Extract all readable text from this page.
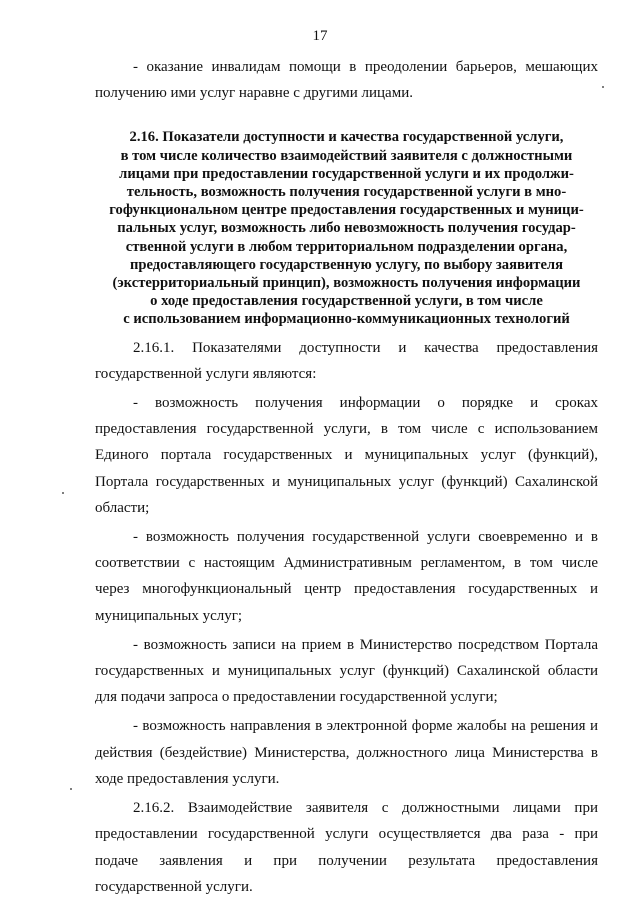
17

- оказание инвалидам помощи в преодолении барьеров, мешающих получению ими услуг наравне с другими лицами.

2.16. Показатели доступности и качества государственной услуги,
в том числе количество взаимодействий заявителя с должностными
лицами при предоставлении государственной услуги и их продолжи-
тельность, возможность получения государственной услуги в мно-
гофункциональном центре предоставления государственных и муници-
пальных услуг, возможность либо невозможность получения государ-
ственной услуги в любом территориальном подразделении органа,
предоставляющего государственную услугу, по выбору заявителя
(экстерриториальный принцип), возможность получения информации
о ходе предоставления государственной услуги, в том числе
с использованием информационно-коммуникационных технологий

2.16.1. Показателями доступности и качества предоставления государственной услуги являются:

- возможность получения информации о порядке и сроках предоставления государственной услуги, в том числе с использованием Единого портала государственных и муниципальных услуг (функций), Портала государственных и муниципальных услуг (функций) Сахалинской области;

- возможность получения государственной услуги своевременно и в соответствии с настоящим Административным регламентом, в том числе через многофункциональный центр предоставления государственных и муниципальных услуг;

- возможность записи на прием в Министерство посредством Портала государственных и муниципальных услуг (функций) Сахалинской области для подачи запроса о предоставлении государственной услуги;

- возможность направления в электронной форме жалобы на решения и действия (бездействие) Министерства, должностного лица Министерства в ходе предоставления услуги.

2.16.2. Взаимодействие заявителя с должностными лицами при предоставлении государственной услуги осуществляется два раза - при подаче заявления и при получении результата предоставления государственной услуги.
